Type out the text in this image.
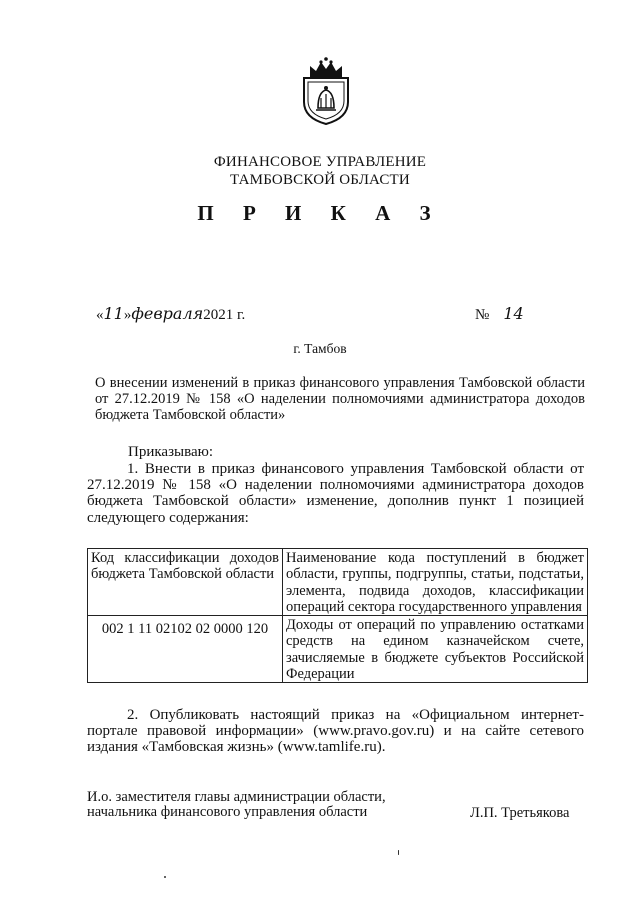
ФИНАНСОВОЕ УПРАВЛЕНИЕ
ТАМБОВСКОЙ ОБЛАСТИ
П Р И К А З
«11»февраля2021 г.	№ 14
г. Тамбов
О внесении изменений в приказ финансового управления Тамбовской области от 27.12.2019 № 158 «О наделении полномочиями администратора доходов бюджета Тамбовской области»
Приказываю:
1. Внести в приказ финансового управления Тамбовской области от 27.12.2019 № 158 «О наделении полномочиями администратора доходов бюджета Тамбовской области» изменение, дополнив пункт 1 позицией следующего содержания:
Код классификации доходов бюджета Тамбовской области	Наименование кода поступлений в бюджет области, группы, подгруппы, статьи, подстатьи, элемента, подвида доходов, классификации операций сектора государственного управления
002 1 11 02102 02 0000 120	Доходы от операций по управлению остатками средств на едином казначейском счете, зачисляемые в бюджете субъектов Российской Федерации
2. Опубликовать настоящий приказ на «Официальном интернет-портале правовой информации» (www.pravo.gov.ru) и на сайте сетевого издания «Тамбовская жизнь» (www.tamlife.ru).
И.о. заместителя главы администрации области,
начальника финансового управления области	Л.П. Третьякова
